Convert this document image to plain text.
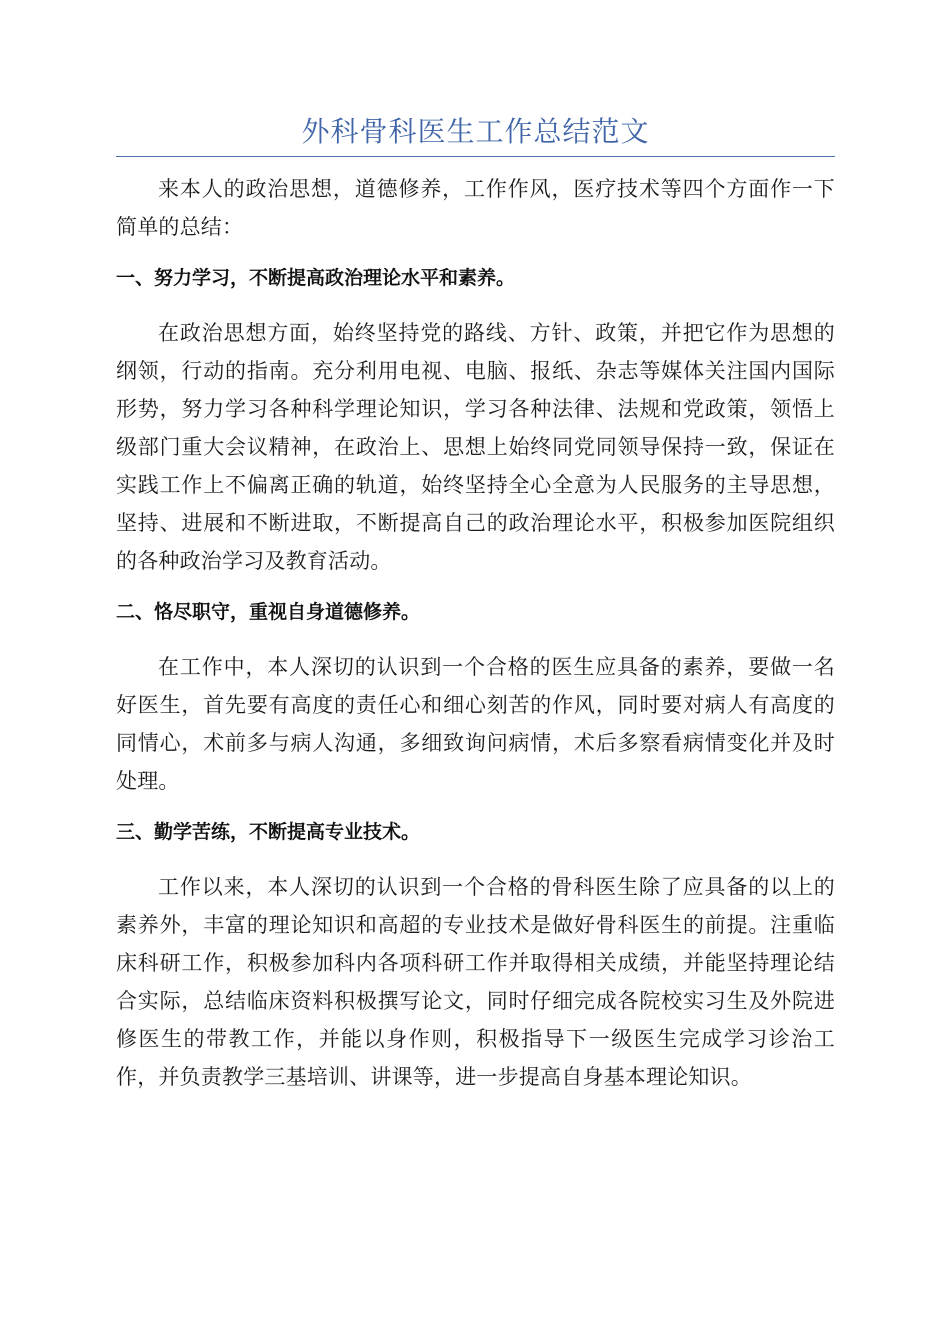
外科骨科医生工作总结范文

来本人的政治思想，道德修养，工作作风，医疗技术等四个方面作一下简单的总结：

一、努力学习，不断提高政治理论水平和素养。

在政治思想方面，始终坚持党的路线、方针、政策，并把它作为思想的纲领，行动的指南。充分利用电视、电脑、报纸、杂志等媒体关注国内国际形势，努力学习各种科学理论知识，学习各种法律、法规和党政策，领悟上级部门重大会议精神，在政治上、思想上始终同党同领导保持一致，保证在实践工作上不偏离正确的轨道，始终坚持全心全意为人民服务的主导思想，坚持、进展和不断进取，不断提高自己的政治理论水平，积极参加医院组织的各种政治学习及教育活动。

二、恪尽职守，重视自身道德修养。

在工作中，本人深切的认识到一个合格的医生应具备的素养，要做一名好医生，首先要有高度的责任心和细心刻苦的作风，同时要对病人有高度的同情心，术前多与病人沟通，多细致询问病情，术后多察看病情变化并及时处理。

三、勤学苦练，不断提高专业技术。

工作以来，本人深切的认识到一个合格的骨科医生除了应具备的以上的素养外，丰富的理论知识和高超的专业技术是做好骨科医生的前提。注重临床科研工作，积极参加科内各项科研工作并取得相关成绩，并能坚持理论结合实际，总结临床资料积极撰写论文，同时仔细完成各院校实习生及外院进修医生的带教工作，并能以身作则，积极指导下一级医生完成学习诊治工作，并负责教学三基培训、讲课等，进一步提高自身基本理论知识。
